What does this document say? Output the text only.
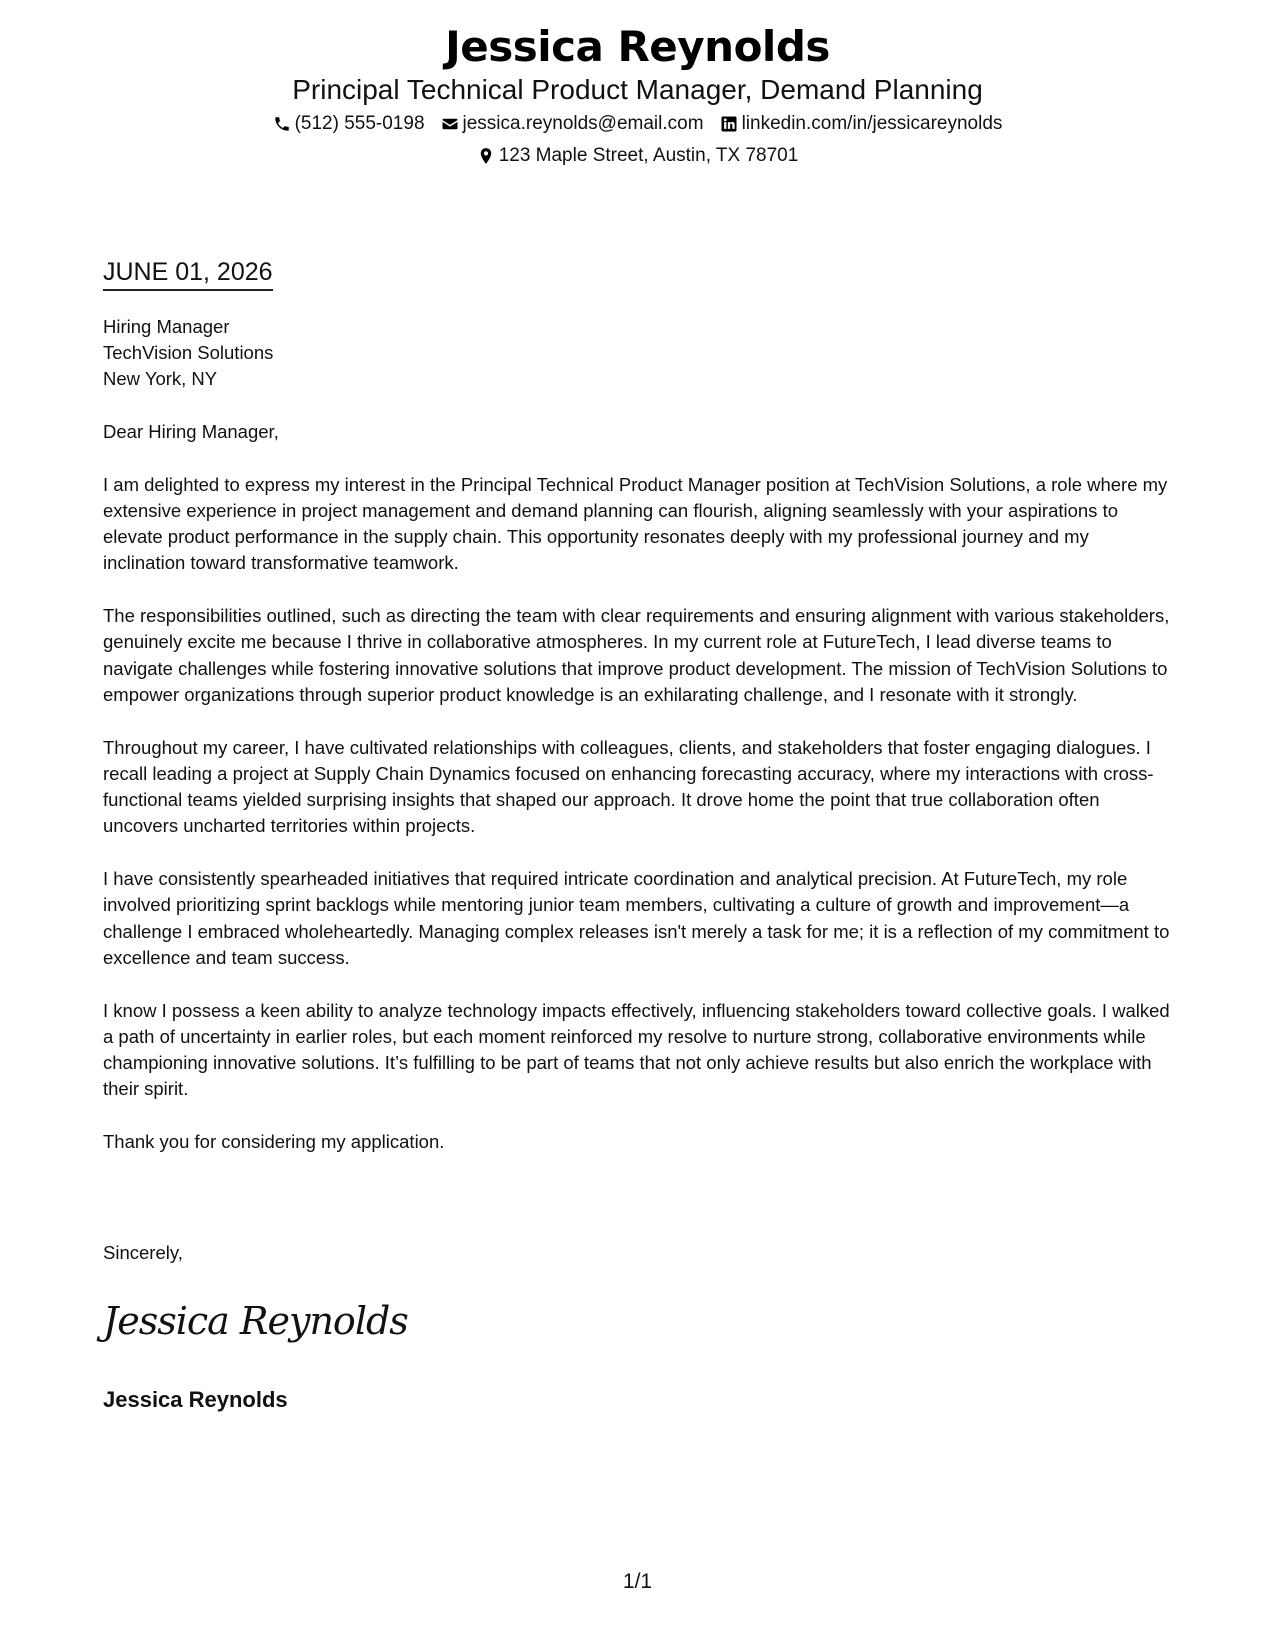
Jessica Reynolds
Principal Technical Product Manager, Demand Planning
(512) 555-0198 jessica.reynolds@email.com linkedin.com/in/jessicareynolds
123 Maple Street, Austin, TX 78701
JUNE 01, 2026
Hiring Manager
TechVision Solutions
New York, NY

Dear Hiring Manager,

I am delighted to express my interest in the Principal Technical Product Manager position at TechVision Solutions, a role where my extensive experience in project management and demand planning can flourish, aligning seamlessly with your aspirations to elevate product performance in the supply chain. This opportunity resonates deeply with my professional journey and my inclination toward transformative teamwork.

The responsibilities outlined, such as directing the team with clear requirements and ensuring alignment with various stakeholders, genuinely excite me because I thrive in collaborative atmospheres. In my current role at FutureTech, I lead diverse teams to navigate challenges while fostering innovative solutions that improve product development. The mission of TechVision Solutions to empower organizations through superior product knowledge is an exhilarating challenge, and I resonate with it strongly.

Throughout my career, I have cultivated relationships with colleagues, clients, and stakeholders that foster engaging dialogues. I recall leading a project at Supply Chain Dynamics focused on enhancing forecasting accuracy, where my interactions with cross-functional teams yielded surprising insights that shaped our approach. It drove home the point that true collaboration often uncovers uncharted territories within projects.

I have consistently spearheaded initiatives that required intricate coordination and analytical precision. At FutureTech, my role involved prioritizing sprint backlogs while mentoring junior team members, cultivating a culture of growth and improvement—a challenge I embraced wholeheartedly. Managing complex releases isn't merely a task for me; it is a reflection of my commitment to excellence and team success.

I know I possess a keen ability to analyze technology impacts effectively, influencing stakeholders toward collective goals. I walked a path of uncertainty in earlier roles, but each moment reinforced my resolve to nurture strong, collaborative environments while championing innovative solutions. It’s fulfilling to be part of teams that not only achieve results but also enrich the workplace with their spirit.

Thank you for considering my application.

Sincerely,
Jessica Reynolds
Jessica Reynolds
1/1
